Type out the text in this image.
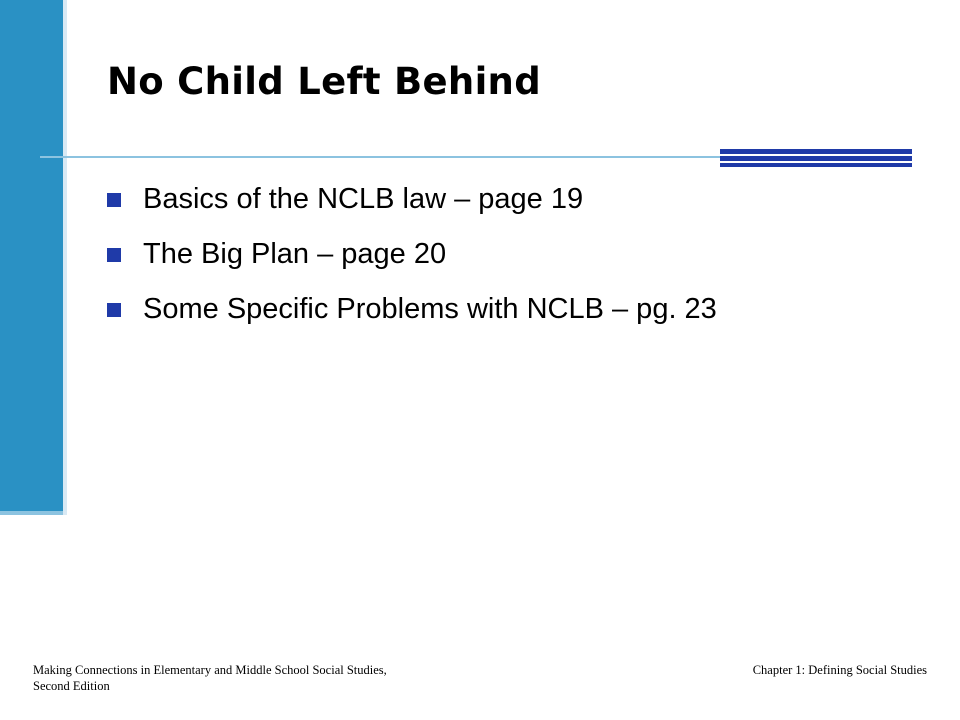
No Child Left Behind
Basics of the NCLB law – page 19
The Big Plan – page 20
Some Specific Problems with NCLB – pg. 23
Making Connections in Elementary and Middle School Social Studies, Second Edition
Chapter 1: Defining Social Studies
